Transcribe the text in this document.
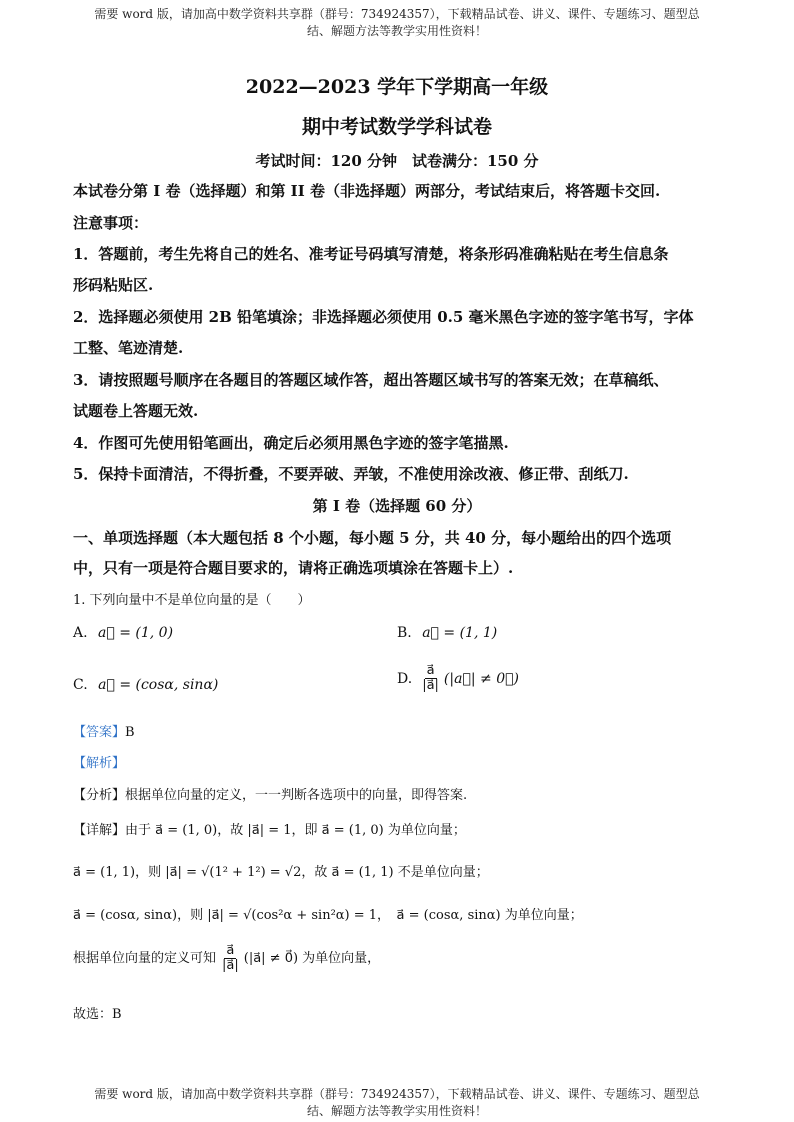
需要 word 版，请加高中数学资料共享群（群号：734924357），下载精品试卷、讲义、课件、专题练习、题型总
结、解题方法等教学实用性资料！
2022—2023 学年下学期高一年级
期中考试数学学科试卷
考试时间：120 分钟　试卷满分：150 分
本试卷分第 I 卷（选择题）和第 II 卷（非选择题）两部分，考试结束后，将答题卡交回.
注意事项：
1．答题前，考生先将自己的姓名、准考证号码填写清楚，将条形码准确粘贴在考生信息条
形码粘贴区.
2．选择题必须使用 2B 铅笔填涂；非选择题必须使用 0.5 毫米黑色字迹的签字笔书写，字体
工整、笔迹清楚.
3．请按照题号顺序在各题目的答题区域作答，超出答题区域书写的答案无效；在草稿纸、
试题卷上答题无效.
4．作图可先使用铅笔画出，确定后必须用黑色字迹的签字笔描黑.
5．保持卡面清洁，不得折叠，不要弄破、弄皱，不准使用涂改液、修正带、刮纸刀.
第 I 卷（选择题 60 分）
一、单项选择题（本大题包括 8 个小题，每小题 5 分，共 40 分，每小题给出的四个选项
中，只有一项是符合题目要求的，请将正确选项填涂在答题卡上）.
1. 下列向量中不是单位向量的是（　　）
A. a⃗ = (1, 0)	B. a⃗ = (1, 1)
C. a⃗ = (cosα, sinα)	D. $\frac{a⃗}{|a⃗|}$ (|a⃗| ≠ 0⃗)
【答案】B
【解析】
【分析】根据单位向量的定义，一一判断各选项中的向量，即得答案.
【详解】由于 a⃗ = (1, 0)，故 |a⃗| = 1，即 a⃗ = (1, 0) 为单位向量；
a⃗ = (1, 1)，则 |a⃗| = √(1² + 1²) = √2，故 a⃗ = (1, 1) 不是单位向量；
a⃗ = (cosα, sinα)，则 |a⃗| = √(cos²α + sin²α) = 1，　a⃗ = (cosα, sinα) 为单位向量；
根据单位向量的定义可知 $\frac{a⃗}{|a⃗|}$ (|a⃗| ≠ 0⃗) 为单位向量，
故选：B
需要 word 版，请加高中数学资料共享群（群号：734924357），下载精品试卷、讲义、课件、专题练习、题型总
结、解题方法等教学实用性资料！
